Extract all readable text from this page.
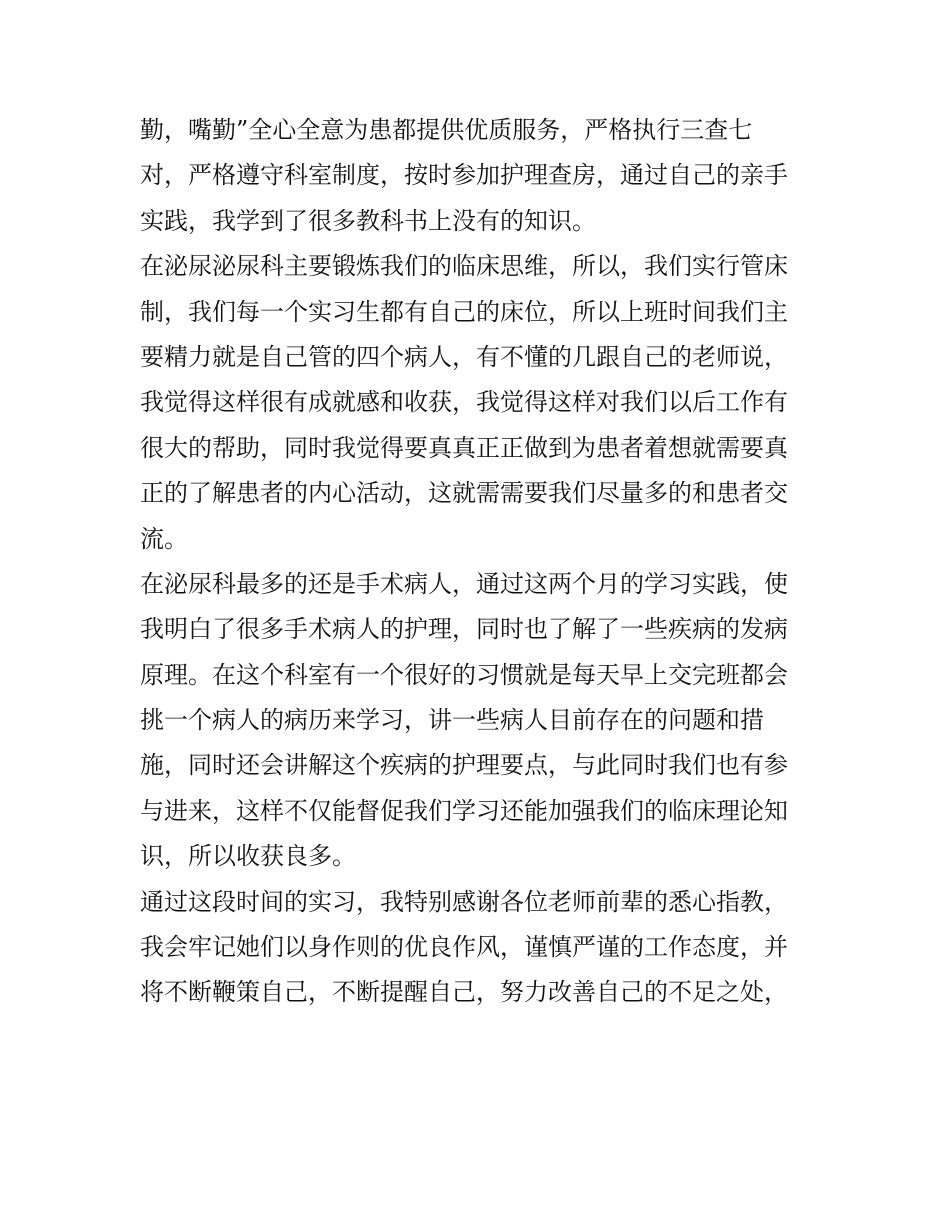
勤，嘴勤”全心全意为患都提供优质服务，严格执行三查七
对，严格遵守科室制度，按时参加护理查房，通过自己的亲手
实践，我学到了很多教科书上没有的知识。
在泌尿泌尿科主要锻炼我们的临床思维，所以，我们实行管床
制，我们每一个实习生都有自己的床位，所以上班时间我们主
要精力就是自己管的四个病人，有不懂的几跟自己的老师说，
我觉得这样很有成就感和收获，我觉得这样对我们以后工作有
很大的帮助，同时我觉得要真真正正做到为患者着想就需要真
正的了解患者的内心活动，这就需需要我们尽量多的和患者交
流。
在泌尿科最多的还是手术病人，通过这两个月的学习实践，使
我明白了很多手术病人的护理，同时也了解了一些疾病的发病
原理。在这个科室有一个很好的习惯就是每天早上交完班都会
挑一个病人的病历来学习，讲一些病人目前存在的问题和措
施，同时还会讲解这个疾病的护理要点，与此同时我们也有参
与进来，这样不仅能督促我们学习还能加强我们的临床理论知
识，所以收获良多。
通过这段时间的实习，我特别感谢各位老师前辈的悉心指教，
我会牢记她们以身作则的优良作风，谨慎严谨的工作态度，并
将不断鞭策自己，不断提醒自己，努力改善自己的不足之处，
